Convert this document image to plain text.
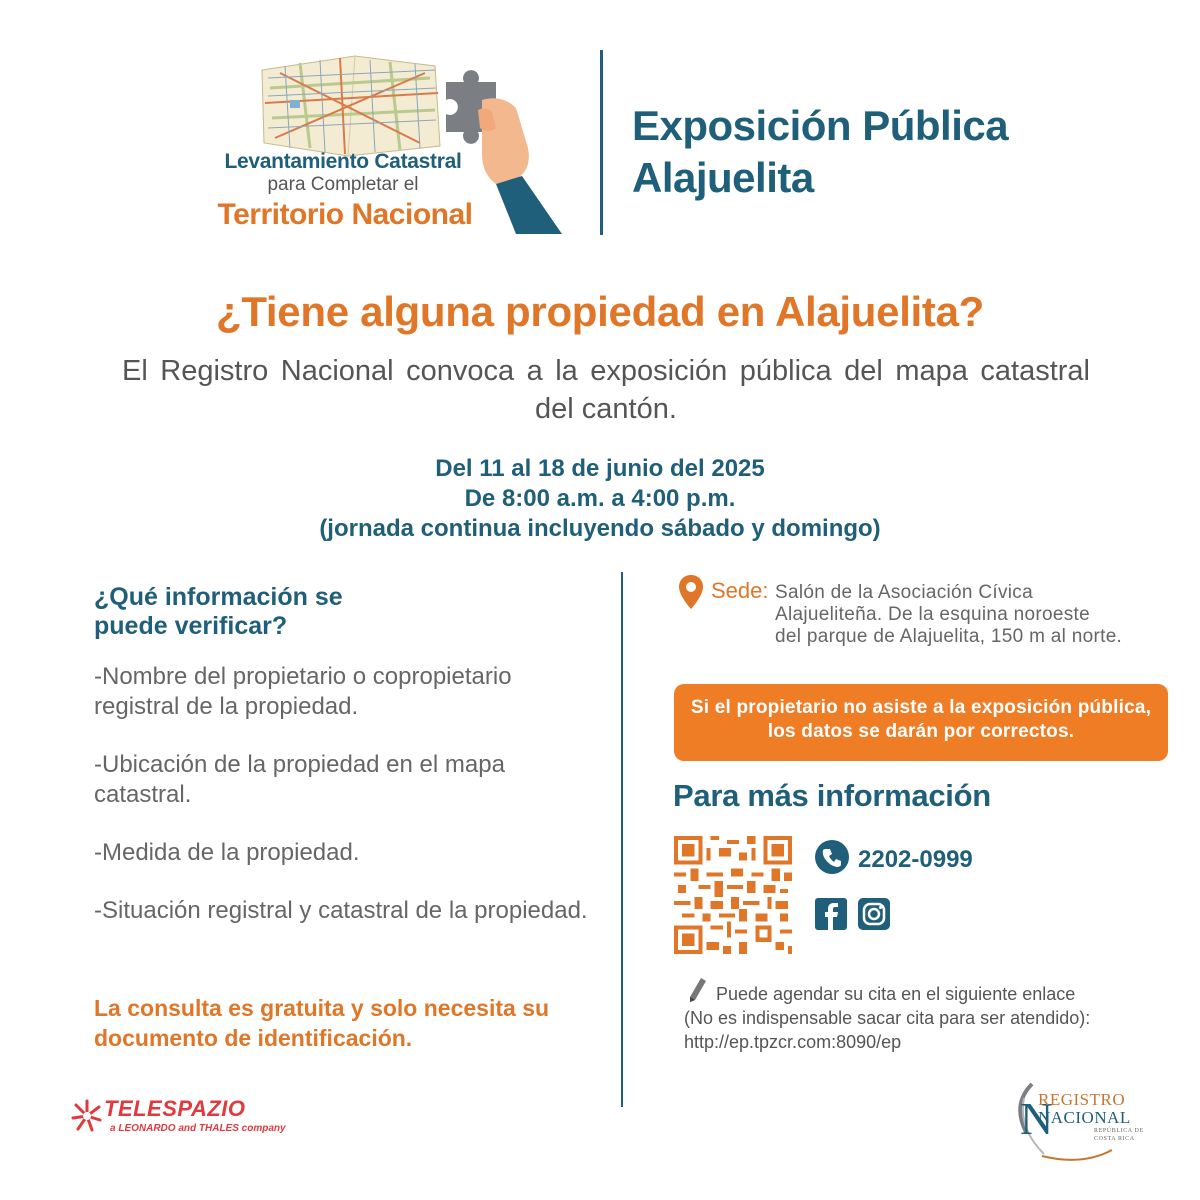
Levantamiento Catastral
para Completar el
Territorio Nacional
Exposición Pública
Alajuelita
¿Tiene alguna propiedad en Alajuelita?
El Registro Nacional convoca a la exposición pública del mapa catastral del cantón.
Del 11 al 18 de junio del 2025
De 8:00 a.m. a 4:00 p.m.
(jornada continua incluyendo sábado y domingo)
¿Qué información se
puede verificar?

-Nombre del propietario o copropietario registral de la propiedad.

-Ubicación de la propiedad en el mapa catastral.

-Medida de la propiedad.

-Situación registral y catastral de la propiedad.

La consulta es gratuita y solo necesita su documento de identificación.
Sede: Salón de la Asociación Cívica
Alajueliteña. De la esquina noroeste
del parque de Alajuelita, 150 m al norte.
Si el propietario no asiste a la exposición pública, los datos se darán por correctos.
Para más información
2202-0999
Puede agendar su cita en el siguiente enlace
(No es indispensable sacar cita para ser atendido):
http://ep.tpzcr.com:8090/ep
TELESPAZIO
a LEONARDO and THALES company	N
REGISTRO
NACIONAL
REPÚBLICA DE
COSTA RICA
